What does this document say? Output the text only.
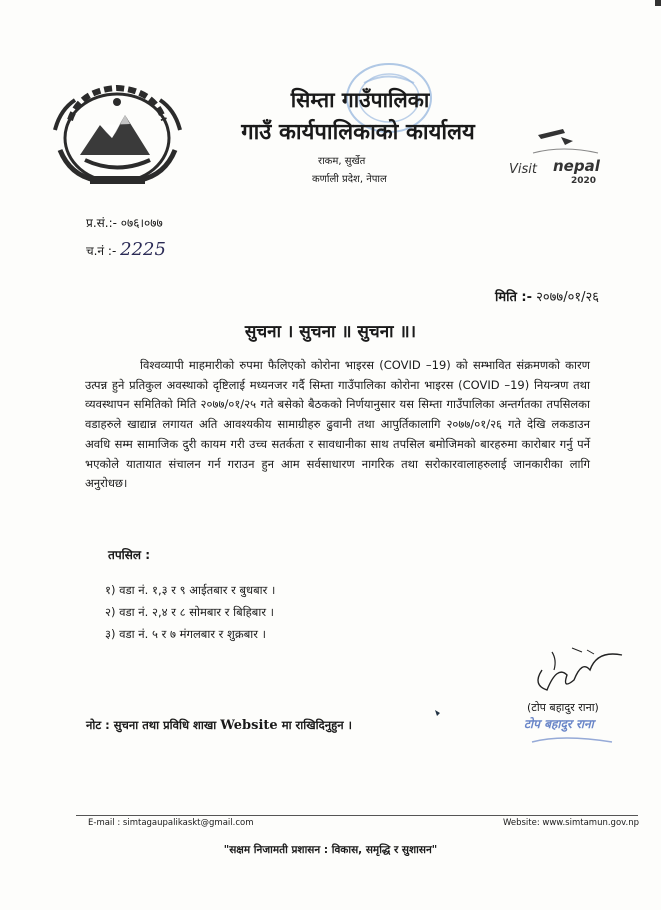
सिम्ता गाउँपालिका
गाउँ कार्यपालिकाको कार्यालय
राकम, सुर्खेत
कर्णाली प्रदेश, नेपाल
Visit nepal
2020
प्र.सं.:- ०७६।०७७
च.नं :- 2225
मिति :- २०७७/०१/२६
सुचना । सुचना ॥ सुचना ॥।
विश्वव्यापी माहमारीको रुपमा फैलिएको कोरोना भाइरस (COVID –19) को सम्भावित संक्रमणको कारण उत्पन्न हुने प्रतिकुल अवस्थाको दृष्टिलाई मध्यनजर गर्दै सिम्ता गाउँपालिका कोरोना भाइरस (COVID –19) नियन्त्रण तथा व्यवस्थापन समितिको मिति २०७७/०१/२५ गते बसेको बैठकको निर्णयानुसार यस सिम्ता गाउँपालिका अन्तर्गतका तपसिलका वडाहरुले खाद्यान्न लगायत अति आवश्यकीय सामाग्रीहरु ढुवानी तथा आपुर्तिकालागि २०७७/०१/२६ गते देखि लकडाउन अवधि सम्म सामाजिक दुरी कायम गरी उच्च सतर्कता र सावधानीका साथ तपसिल बमोजिमको बारहरुमा कारोबार गर्नु पर्ने भएकोले यातायात संचालन गर्न गराउन हुन आम सर्वसाधारण नागरिक तथा सरोकारवालाहरुलाई जानकारीका लागि अनुरोधछ।
तपसिल :
१) वडा नं. १,३ र ९ आईतबार र बुधबार ।
२) वडा नं. २,४ र ८ सोमबार र बिहिबार ।
३) वडा नं. ५ र ७ मंगलबार र शुक्रबार ।
टोप बहादुर राना
(टोप बहादुर राना)
नोट : सुचना तथा प्रविधि शाखा Website मा राखिदिनुहुन ।
E-mail : simtagaupalikaskt@gmail.com	Website: www.simtamun.gov.np
"सक्षम निजामती प्रशासन : विकास, समृद्धि र सुशासन"
